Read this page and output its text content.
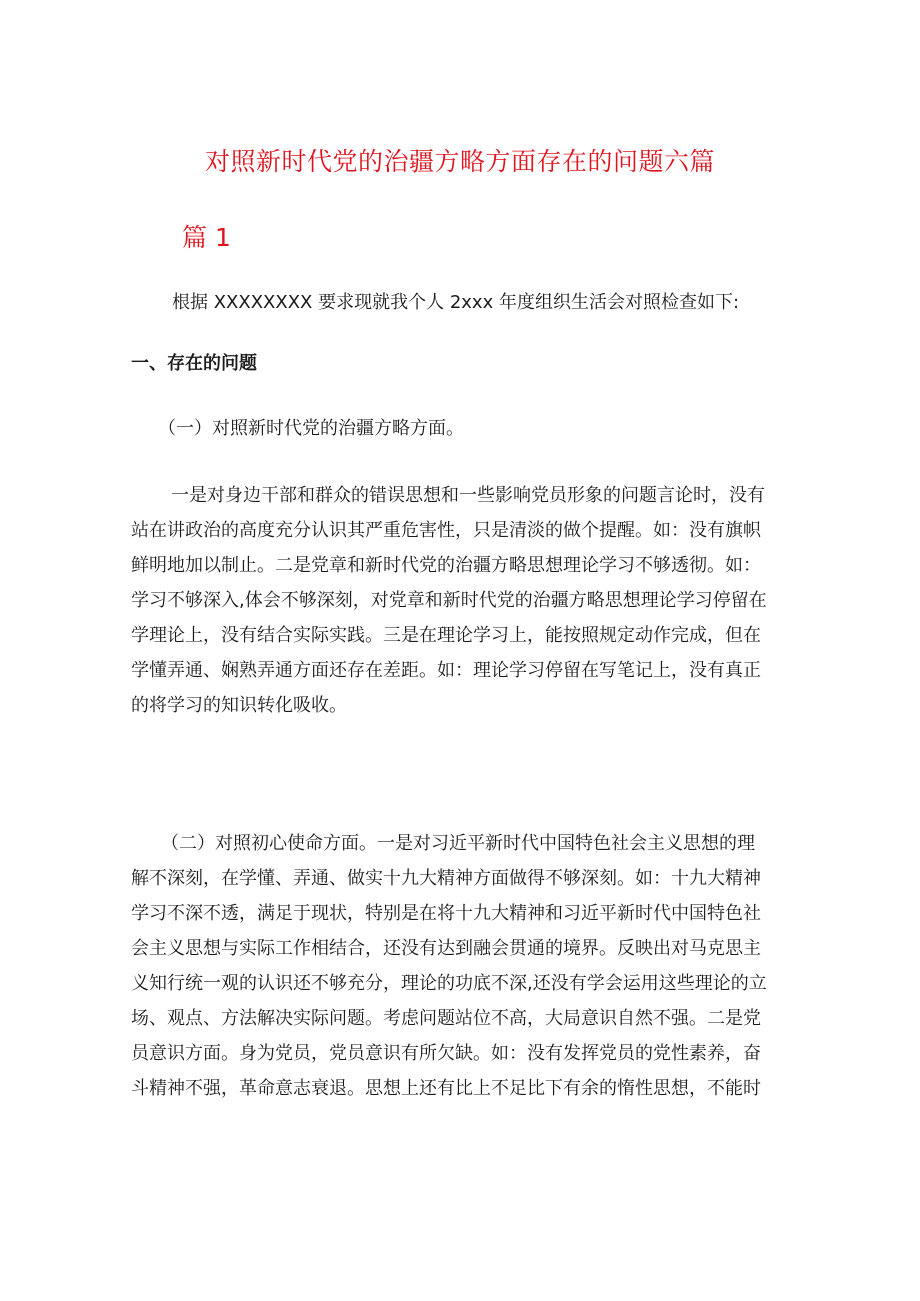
对照新时代党的治疆方略方面存在的问题六篇
篇 1

根据 XXXXXXXX 要求现就我个人 2xxx 年度组织生活会对照检查如下:

一、存在的问题

（一）对照新时代党的治疆方略方面。

一是对身边干部和群众的错误思想和一些影响党员形象的问题言论时，没有
站在讲政治的高度充分认识其严重危害性，只是清淡的做个提醒。如：没有旗帜
鲜明地加以制止。二是党章和新时代党的治疆方略思想理论学习不够透彻。如：
学习不够深入,体会不够深刻，对党章和新时代党的治疆方略思想理论学习停留在
学理论上，没有结合实际实践。三是在理论学习上，能按照规定动作完成，但在
学懂弄通、娴熟弄通方面还存在差距。如：理论学习停留在写笔记上，没有真正
的将学习的知识转化吸收。
（二）对照初心使命方面。一是对习近平新时代中国特色社会主义思想的理
解不深刻，在学懂、弄通、做实十九大精神方面做得不够深刻。如：十九大精神
学习不深不透，满足于现状，特别是在将十九大精神和习近平新时代中国特色社
会主义思想与实际工作相结合，还没有达到融会贯通的境界。反映出对马克思主
义知行统一观的认识还不够充分，理论的功底不深,还没有学会运用这些理论的立
场、观点、方法解决实际问题。考虑问题站位不高，大局意识自然不强。二是党
员意识方面。身为党员，党员意识有所欠缺。如：没有发挥党员的党性素养，奋
斗精神不强，革命意志衰退。思想上还有比上不足比下有余的惰性思想，不能时
